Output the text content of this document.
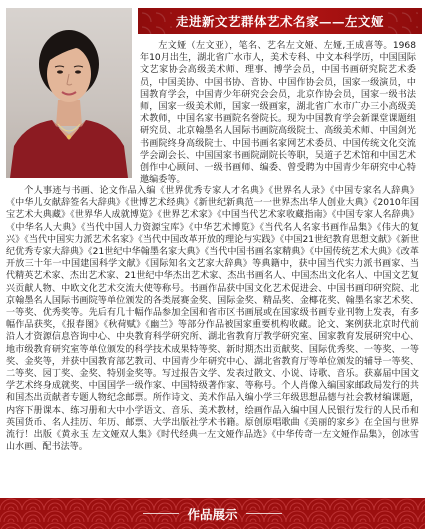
走进新文艺群体艺术名家——左文娅

左文娅（左文亚），笔名、艺名左文娅、左娅,王成喜等。1968年10月出生，湖北省广水市人，美术专科、中文本科学历，中国国际文艺家协会高级美术师、理事、博学会员，中国书画研究院艺术委员，中国美协、中国书协、音协、中国作协会员，国家一级演员，中国教育学会，中国青少年研究会会员，北京作协会员，国家一级书法师，国家一级美术师，国家一级画家，湖北省广水市广办三小高级美术教师，中国名家书画院名誉院长。现为中国教育学会新课堂课题组研究员、北京翰墨名人国际书画院高级院士、高级美术师、中国剑光书画院终身高级院士、中国书画名家网艺术委员、中国传统文化交流学会副会长、中国国家书画院副院长等职，吴道子艺术馆和中国艺术创作中心顾问、一级书画师、编委、曾受聘为中国青少年研究中心特邀编委等。

个人事迹与书画、论文作品入编《世界优秀专家人才名典》《世界名人录》《中国专家名人辞典》《中华儿女献辞签名大辞典》《世博艺术经典》《新世纪新典范一一世界杰出华人创业大典》《2010年国宝艺术大典藏》《世界华人成就博览》《世界艺术家》《中国当代艺术家收藏指南》《中国专家人名辞典》《中华名人大典》《当代中国人力资源宝库》《中华艺术博览》《当代名人名家书画作品集》《伟大的复兴》《当代中国实力派艺术名家》《当代中国改革开放的理论与实践》《中国21世纪教育思想文献》《新世纪优秀专家大辞典》《21世纪中华翰墨名家大典》《当代中国书画名家精典》《中国传统艺术大典》《改革开放三十年一中国建国科学文献》《国际知名文艺家大辞典》等典籍中，获中国当代实力派书画家、当代精英艺术家、杰出艺术家、21世纪中华杰出艺术家、杰出书画名人、中国杰出文化名人、中国文艺复兴贡献人物、中欧文化艺术交流大使等称号。书画作品获中国文化艺术促进会、中国书画印研究院、北京翰墨名人国际书画院等单位颁发的各类展赛金奖、国际金奖、精品奖、金椰花奖、翰墨名家艺术奖、一等奖、优秀奖等。先后有几十幅作品参加全国和省市区书画展或在国家级书画专业刊物上发表，有多幅作品获奖，《报春图》《秋荷赋》《幽兰》等部分作品被国家重要机构收藏。论文、案例获北京时代前沿人才资源信息咨询中心、中央教育科学研究所、湖北省教育厅教学研究室、国家教育发展研究中心、地市级教育研究室等单位颁发的科学技术成果特等奖、新时期杰出贡献奖、国际优秀奖、一等奖、一等奖、金奖等，并获中国教育部艺教司、中国青少年研究中心、湖北省教育厅等单位颁发的辅导一等奖、二等奖、园丁奖、金奖、特别金奖等。写过报告文学、发表过散文、小说、诗歌、音乐。获嘉届中国文学艺术终身成就奖、中国国学一级作家、中国特级著作家、等称号。个人肖像入编国家邮政局发行的共和国杰出贡献者专题人物纪念邮票。所作诗文、美术作品入编小学三年级思想品德与社会教材编课题，内容下册课本、练习册和大中小学语文、音乐、美术教材，绘画作品入编中国人民银行发行的人民币和英国货币、名人挂历、年历、邮票、大学出版社学术书籍。原创原唱歌曲《美丽的家乡》在全国与世界流行！出版《黄永玉 左文娅双人集》《时代经典一左文娅作品选》《中华传奇一左文娅作品集》，创冰雪山水画、配书法等。

作品展示
